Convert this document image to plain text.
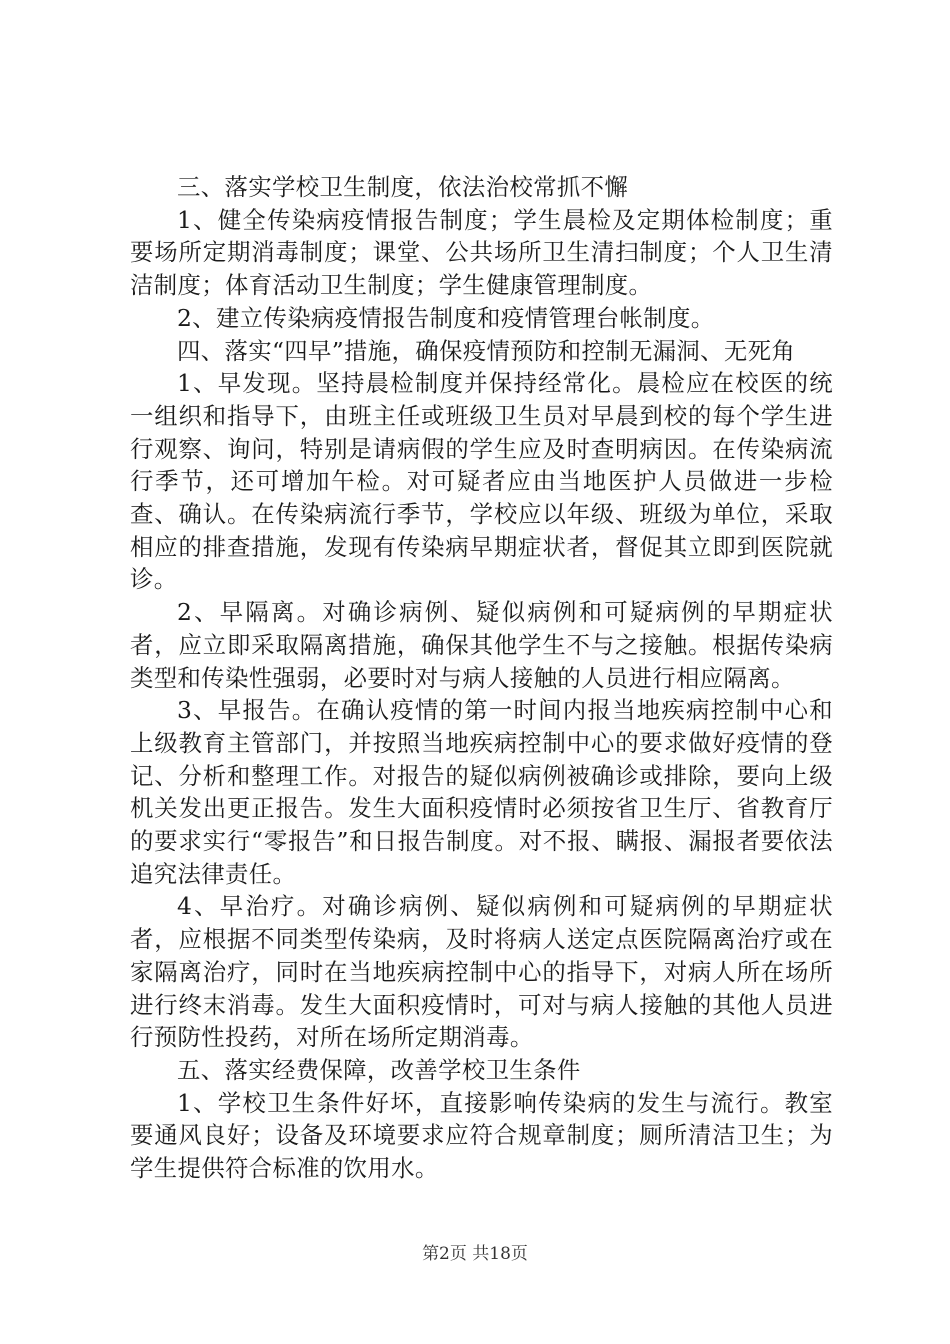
三、落实学校卫生制度，依法治校常抓不懈

1、健全传染病疫情报告制度；学生晨检及定期体检制度；重要场所定期消毒制度；课堂、公共场所卫生清扫制度；个人卫生清洁制度；体育活动卫生制度；学生健康管理制度。

2、建立传染病疫情报告制度和疫情管理台帐制度。

四、落实“四早”措施，确保疫情预防和控制无漏洞、无死角

1、早发现。坚持晨检制度并保持经常化。晨检应在校医的统一组织和指导下，由班主任或班级卫生员对早晨到校的每个学生进行观察、询问，特别是请病假的学生应及时查明病因。在传染病流行季节，还可增加午检。对可疑者应由当地医护人员做进一步检查、确认。在传染病流行季节，学校应以年级、班级为单位，采取相应的排查措施，发现有传染病早期症状者，督促其立即到医院就诊。

2、早隔离。对确诊病例、疑似病例和可疑病例的早期症状者，应立即采取隔离措施，确保其他学生不与之接触。根据传染病类型和传染性强弱，必要时对与病人接触的人员进行相应隔离。

3、早报告。在确认疫情的第一时间内报当地疾病控制中心和上级教育主管部门，并按照当地疾病控制中心的要求做好疫情的登记、分析和整理工作。对报告的疑似病例被确诊或排除，要向上级机关发出更正报告。发生大面积疫情时必须按省卫生厅、省教育厅的要求实行“零报告”和日报告制度。对不报、瞒报、漏报者要依法追究法律责任。

4、早治疗。对确诊病例、疑似病例和可疑病例的早期症状者，应根据不同类型传染病，及时将病人送定点医院隔离治疗或在家隔离治疗，同时在当地疾病控制中心的指导下，对病人所在场所进行终末消毒。发生大面积疫情时，可对与病人接触的其他人员进行预防性投药，对所在场所定期消毒。

五、落实经费保障，改善学校卫生条件

1、学校卫生条件好坏，直接影响传染病的发生与流行。教室要通风良好；设备及环境要求应符合规章制度；厕所清洁卫生；为学生提供符合标准的饮用水。

第2页 共18页
